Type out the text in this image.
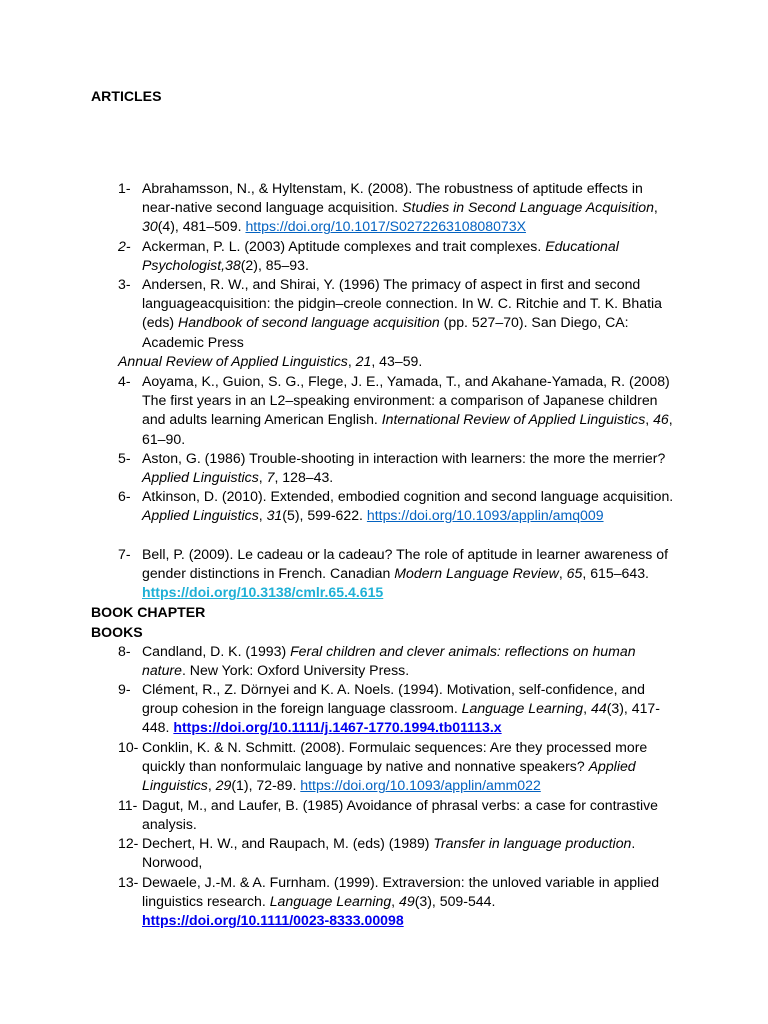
ARTICLES
1- Abrahamsson, N., & Hyltenstam, K. (2008). The robustness of aptitude effects in near-native second language acquisition. Studies in Second Language Acquisition, 30(4), 481–509. https://doi.org/10.1017/S027226310808073X
2- Ackerman, P. L. (2003) Aptitude complexes and trait complexes. Educational Psychologist,38(2), 85–93.
3- Andersen, R. W., and Shirai, Y. (1996) The primacy of aspect in first and second languageacquisition: the pidgin–creole connection. In W. C. Ritchie and T. K. Bhatia (eds) Handbook of second language acquisition (pp. 527–70). San Diego, CA: Academic Press
Annual Review of Applied Linguistics, 21, 43–59.
4- Aoyama, K., Guion, S. G., Flege, J. E., Yamada, T., and Akahane-Yamada, R. (2008) The first years in an L2–speaking environment: a comparison of Japanese children and adults learning American English. International Review of Applied Linguistics, 46, 61–90.
5- Aston, G. (1986) Trouble-shooting in interaction with learners: the more the merrier? Applied Linguistics, 7, 128–43.
6- Atkinson, D. (2010). Extended, embodied cognition and second language acquisition. Applied Linguistics, 31(5), 599-622. https://doi.org/10.1093/applin/amq009
7- Bell, P. (2009). Le cadeau or la cadeau? The role of aptitude in learner awareness of gender distinctions in French. Canadian Modern Language Review, 65, 615–643. https://doi.org/10.3138/cmlr.65.4.615
BOOK CHAPTER
BOOKS
8- Candland, D. K. (1993) Feral children and clever animals: reflections on human nature. New York: Oxford University Press.
9- Clément, R., Z. Dörnyei and K. A. Noels. (1994). Motivation, self‐confidence, and group cohesion in the foreign language classroom. Language Learning, 44(3), 417‐448. https://doi.org/10.1111/j.1467-1770.1994.tb01113.x
10- Conklin, K. & N. Schmitt. (2008). Formulaic sequences: Are they processed more quickly than nonformulaic language by native and nonnative speakers? Applied Linguistics, 29(1), 72‐89. https://doi.org/10.1093/applin/amm022
11- Dagut, M., and Laufer, B. (1985) Avoidance of phrasal verbs: a case for contrastive analysis.
12- Dechert, H. W., and Raupach, M. (eds) (1989) Transfer in language production. Norwood,
13- Dewaele, J.‐M. & A. Furnham. (1999). Extraversion: the unloved variable in applied linguistics research. Language Learning, 49(3), 509‐544. https://doi.org/10.1111/0023-8333.00098
